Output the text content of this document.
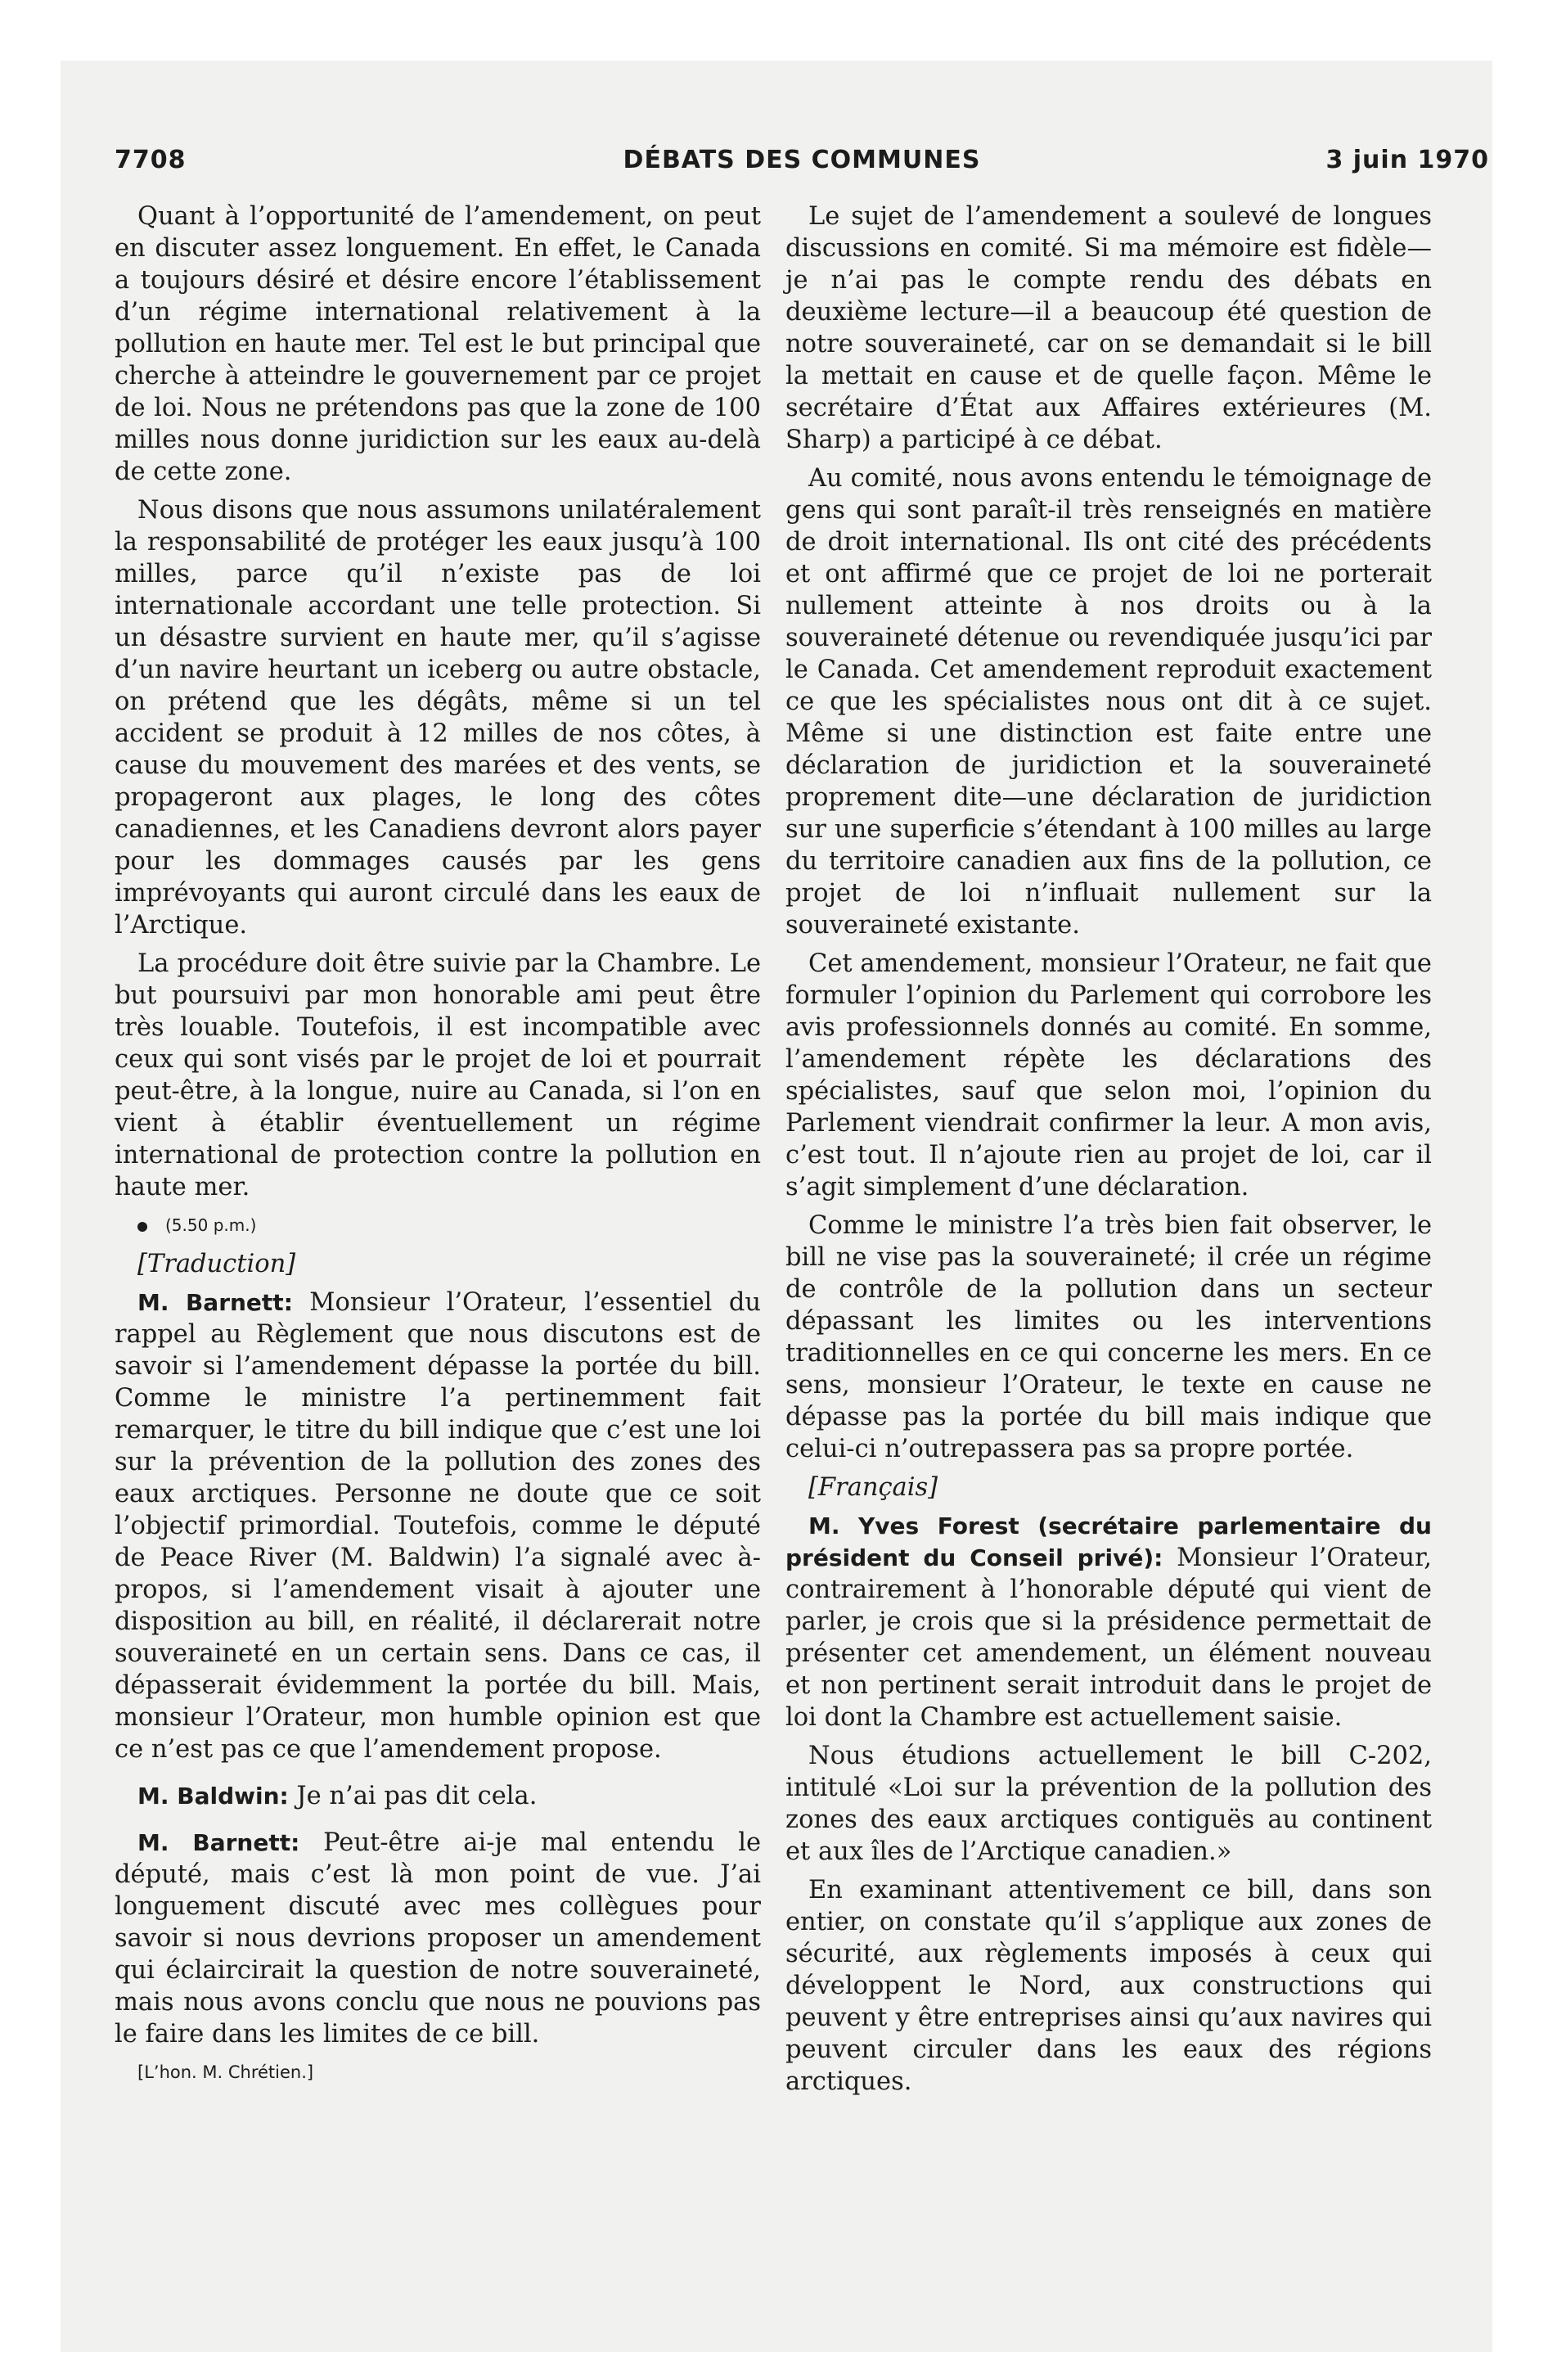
7708	DÉBATS DES COMMUNES	3 juin 1970

Quant à l’opportunité de l’amendement, on peut en discuter assez longuement. En effet, le Canada a toujours désiré et désire encore l’établissement d’un régime international relativement à la pollution en haute mer. Tel est le but principal que cherche à atteindre le gouvernement par ce projet de loi. Nous ne prétendons pas que la zone de 100 milles nous donne juridiction sur les eaux au-delà de cette zone.

Nous disons que nous assumons unilatéralement la responsabilité de protéger les eaux jusqu’à 100 milles, parce qu’il n’existe pas de loi internationale accordant une telle protection. Si un désastre survient en haute mer, qu’il s’agisse d’un navire heurtant un iceberg ou autre obstacle, on prétend que les dégâts, même si un tel accident se produit à 12 milles de nos côtes, à cause du mouvement des marées et des vents, se propageront aux plages, le long des côtes canadiennes, et les Canadiens devront alors payer pour les dommages causés par les gens imprévoyants qui auront circulé dans les eaux de l’Arctique.

La procédure doit être suivie par la Chambre. Le but poursuivi par mon honorable ami peut être très louable. Toutefois, il est incompatible avec ceux qui sont visés par le projet de loi et pourrait peut-être, à la longue, nuire au Canada, si l’on en vient à établir éventuellement un régime international de protection contre la pollution en haute mer.

(5.50 p.m.)

[Traduction]

M. Barnett: Monsieur l’Orateur, l’essentiel du rappel au Règlement que nous discutons est de savoir si l’amendement dépasse la portée du bill. Comme le ministre l’a pertinemment fait remarquer, le titre du bill indique que c’est une loi sur la prévention de la pollution des zones des eaux arctiques. Personne ne doute que ce soit l’objectif primordial. Toutefois, comme le député de Peace River (M. Baldwin) l’a signalé avec à-propos, si l’amendement visait à ajouter une disposition au bill, en réalité, il déclarerait notre souveraineté en un certain sens. Dans ce cas, il dépasserait évidemment la portée du bill. Mais, monsieur l’Orateur, mon humble opinion est que ce n’est pas ce que l’amendement propose.

M. Baldwin: Je n’ai pas dit cela.

M. Barnett: Peut-être ai-je mal entendu le député, mais c’est là mon point de vue. J’ai longuement discuté avec mes collègues pour savoir si nous devrions proposer un amendement qui éclaircirait la question de notre souveraineté, mais nous avons conclu que nous ne pouvions pas le faire dans les limites de ce bill.

[L’hon. M. Chrétien.]

Le sujet de l’amendement a soulevé de longues discussions en comité. Si ma mémoire est fidèle—je n’ai pas le compte rendu des débats en deuxième lecture—il a beaucoup été question de notre souveraineté, car on se demandait si le bill la mettait en cause et de quelle façon. Même le secrétaire d’État aux Affaires extérieures (M. Sharp) a participé à ce débat.

Au comité, nous avons entendu le témoignage de gens qui sont paraît-il très renseignés en matière de droit international. Ils ont cité des précédents et ont affirmé que ce projet de loi ne porterait nullement atteinte à nos droits ou à la souveraineté détenue ou revendiquée jusqu’ici par le Canada. Cet amendement reproduit exactement ce que les spécialistes nous ont dit à ce sujet. Même si une distinction est faite entre une déclaration de juridiction et la souveraineté proprement dite—une déclaration de juridiction sur une superficie s’étendant à 100 milles au large du territoire canadien aux fins de la pollution, ce projet de loi n’influait nullement sur la souveraineté existante.

Cet amendement, monsieur l’Orateur, ne fait que formuler l’opinion du Parlement qui corrobore les avis professionnels donnés au comité. En somme, l’amendement répète les déclarations des spécialistes, sauf que selon moi, l’opinion du Parlement viendrait confirmer la leur. A mon avis, c’est tout. Il n’ajoute rien au projet de loi, car il s’agit simplement d’une déclaration.

Comme le ministre l’a très bien fait observer, le bill ne vise pas la souveraineté; il crée un régime de contrôle de la pollution dans un secteur dépassant les limites ou les interventions traditionnelles en ce qui concerne les mers. En ce sens, monsieur l’Orateur, le texte en cause ne dépasse pas la portée du bill mais indique que celui-ci n’outrepassera pas sa propre portée.

[Français]

M. Yves Forest (secrétaire parlementaire du président du Conseil privé): Monsieur l’Orateur, contrairement à l’honorable député qui vient de parler, je crois que si la présidence permettait de présenter cet amendement, un élément nouveau et non pertinent serait introduit dans le projet de loi dont la Chambre est actuellement saisie.

Nous étudions actuellement le bill C-202, intitulé «Loi sur la prévention de la pollution des zones des eaux arctiques contiguës au continent et aux îles de l’Arctique canadien.»

En examinant attentivement ce bill, dans son entier, on constate qu’il s’applique aux zones de sécurité, aux règlements imposés à ceux qui développent le Nord, aux constructions qui peuvent y être entreprises ainsi qu’aux navires qui peuvent circuler dans les eaux des régions arctiques.
